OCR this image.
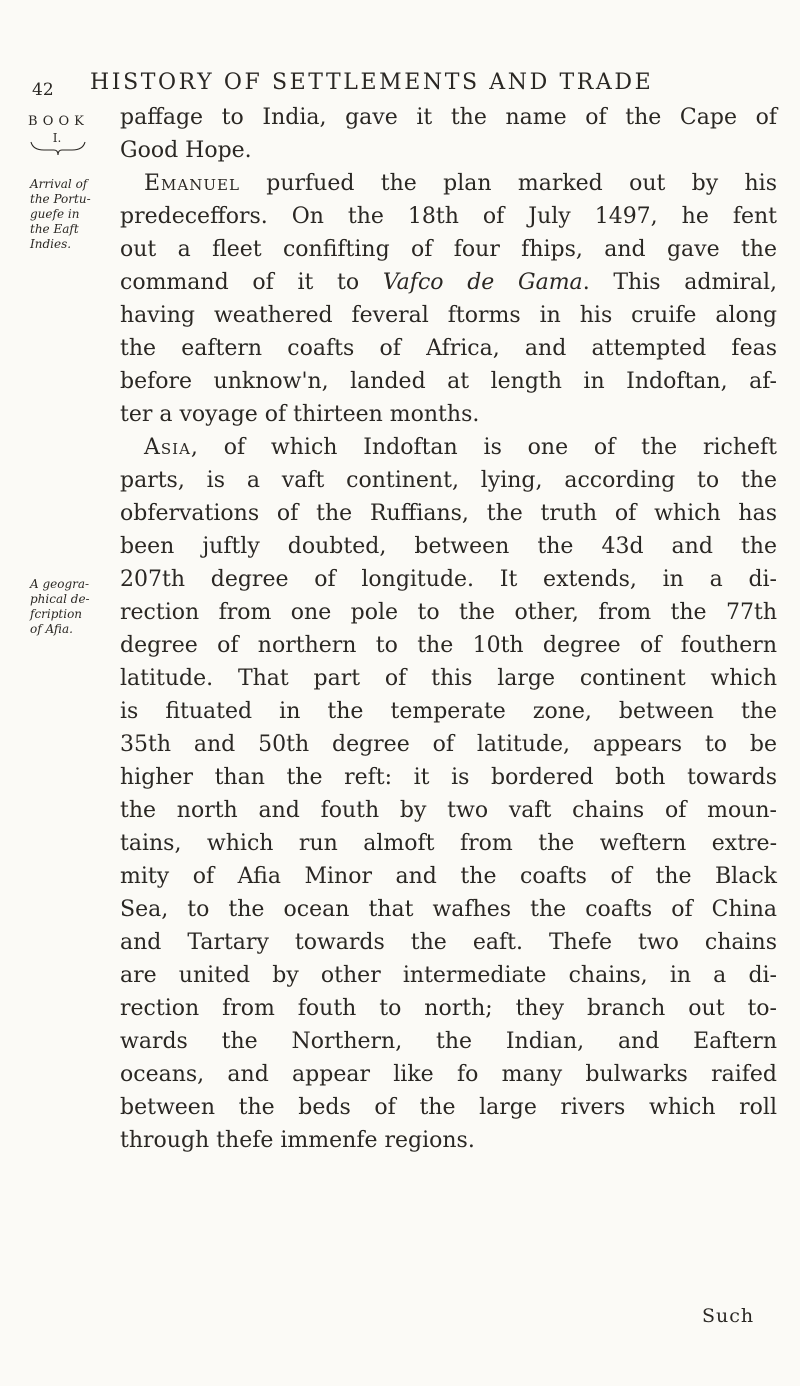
42 HISTORY OF SETTLEMENTS AND TRADE
BOOK
I.
Arrival of the Portu-guefe in the Eaft Indies.
A geogra-phical de-fcription of Afia.
paffage to India, gave it the name of the Cape of
Good Hope.
Emanuel purfued the plan marked out by his
predeceffors. On the 18th of July 1497, he fent
out a fleet confifting of four fhips, and gave the
command of it to Vafco de Gama. This admiral,
having weathered feveral ftorms in his cruife along
the eaftern coafts of Africa, and attempted feas
before unknow'n, landed at length in Indoftan, af-
ter a voyage of thirteen months.
Asia, of which Indoftan is one of the richeft
parts, is a vaft continent, lying, according to the
obfervations of the Ruffians, the truth of which has
been juftly doubted, between the 43d and the
207th degree of longitude. It extends, in a di-
rection from one pole to the other, from the 77th
degree of northern to the 10th degree of fouthern
latitude. That part of this large continent which
is fituated in the temperate zone, between the
35th and 50th degree of latitude, appears to be
higher than the reft: it is bordered both towards
the north and fouth by two vaft chains of moun-
tains, which run almoft from the weftern extre-
mity of Afia Minor and the coafts of the Black
Sea, to the ocean that wafhes the coafts of China
and Tartary towards the eaft. Thefe two chains
are united by other intermediate chains, in a di-
rection from fouth to north; they branch out to-
wards the Northern, the Indian, and Eaftern
oceans, and appear like fo many bulwarks raifed
between the beds of the large rivers which roll
through thefe immenfe regions.
Such
